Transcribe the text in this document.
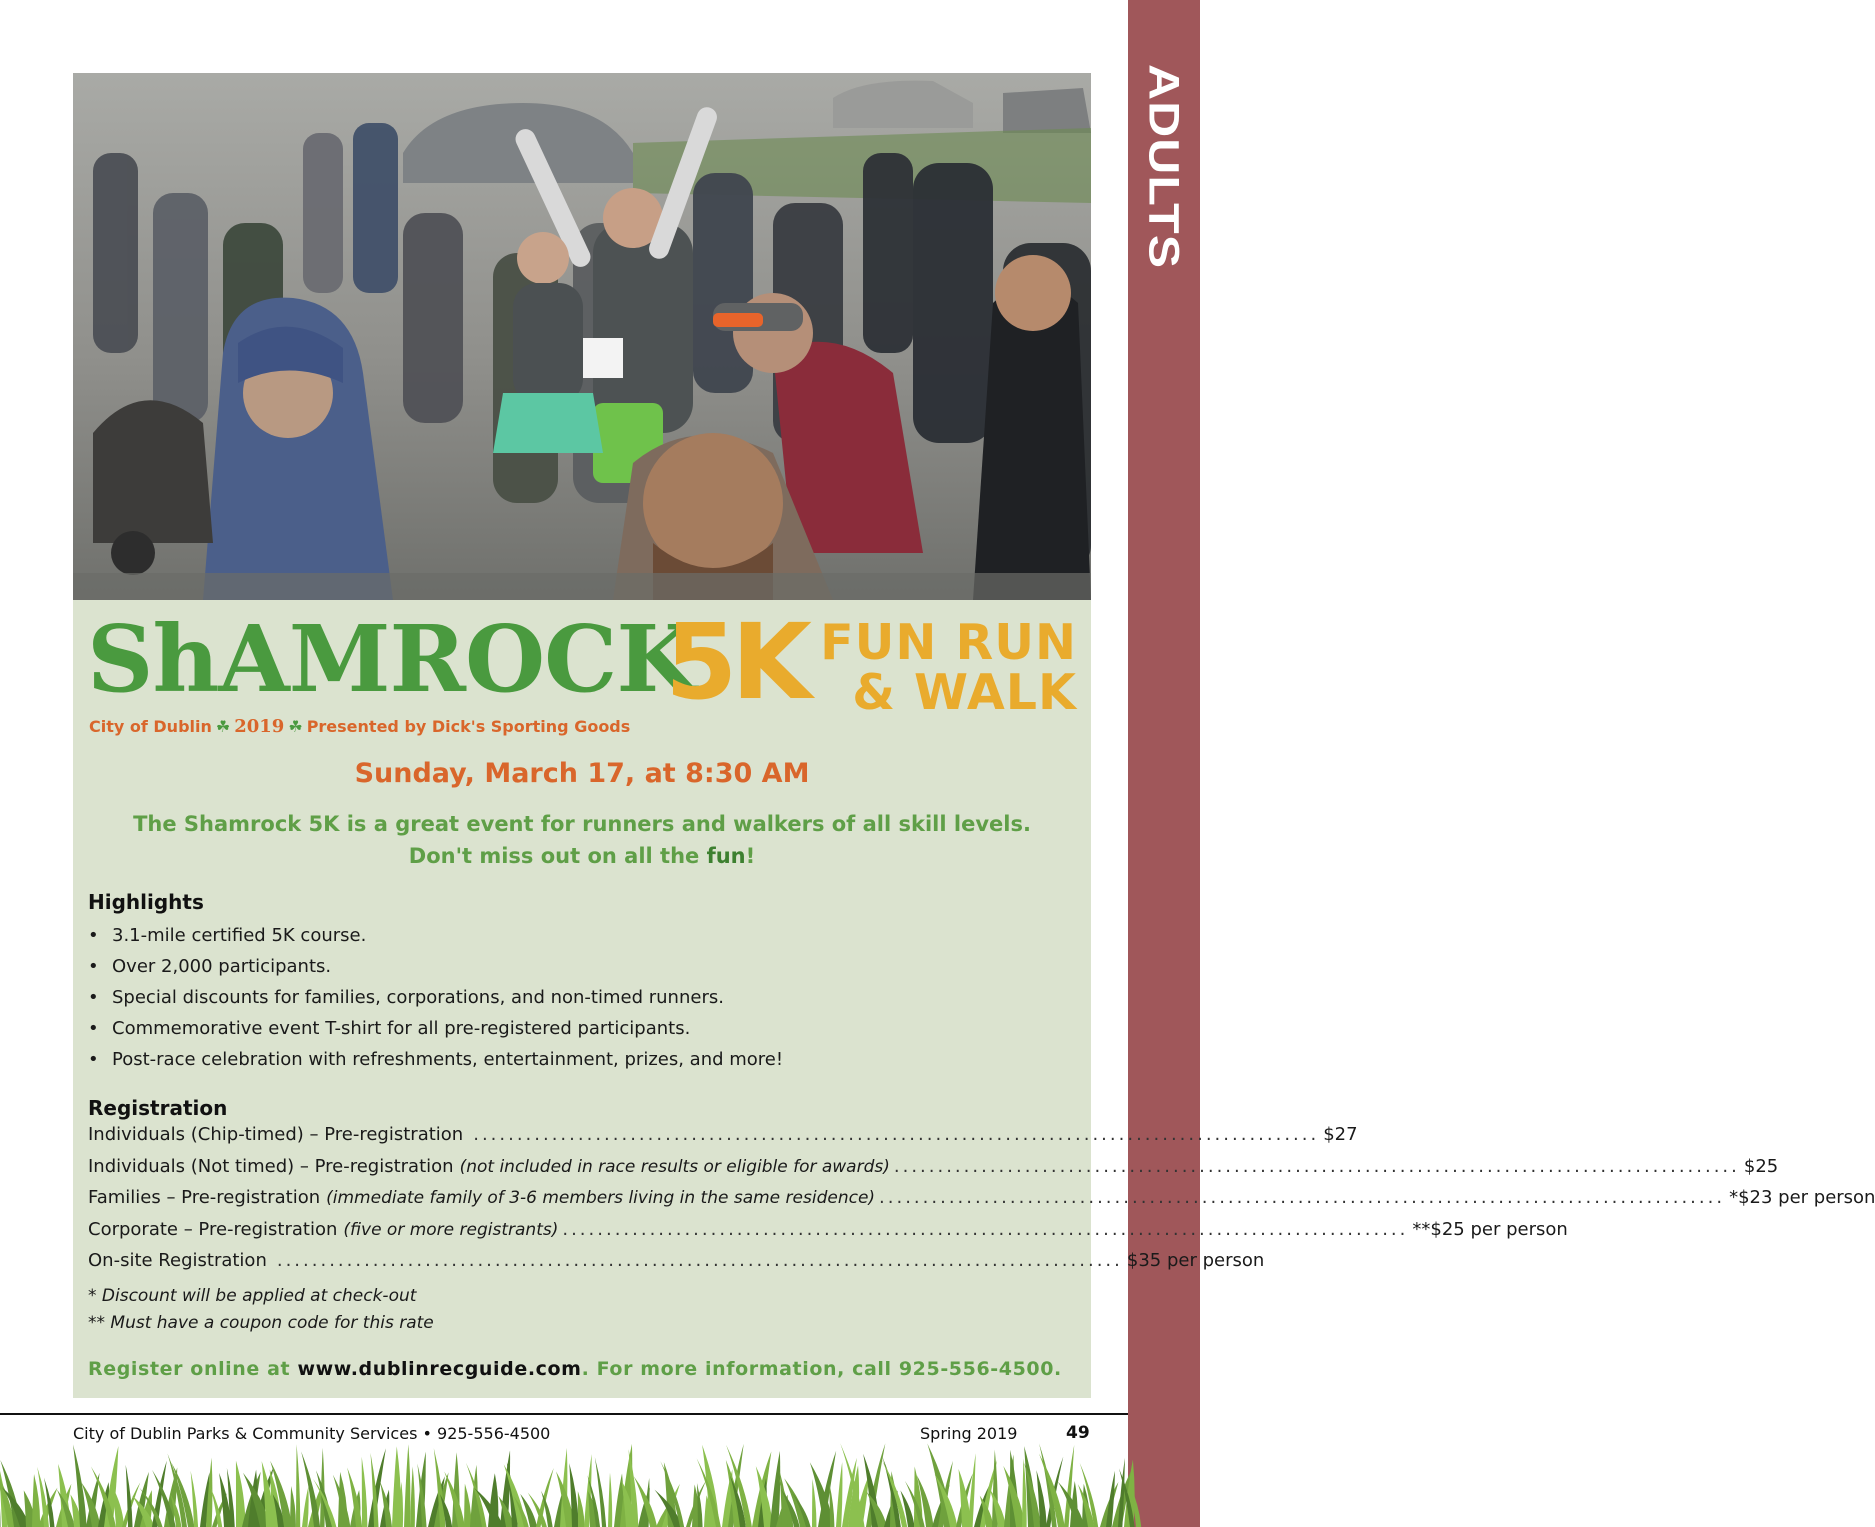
ADULTS
ShAMROCK
5K FUN RUN
& WALK
City of Dublin ☘ 2019 ☘ Presented by Dick's Sporting Goods
Sunday, March 17, at 8:30 AM
The Shamrock 5K is a great event for runners and walkers of all skill levels.
Don't miss out on all the fun!
Highlights
• 3.1-mile certified 5K course.
• Over 2,000 participants.
• Special discounts for families, corporations, and non-timed runners.
• Commemorative event T-shirt for all pre-registered participants.
• Post-race celebration with refreshments, entertainment, prizes, and more!
Registration
Individuals (Chip-timed) – Pre-registration ................................................................................................. $27
Individuals (Not timed) – Pre-registration (not included in race results or eligible for awards) ................................................................................................. $25
Families – Pre-registration (immediate family of 3-6 members living in the same residence) ................................................................................................. *$23 per person
Corporate – Pre-registration (five or more registrants) ................................................................................................. **$25 per person
On-site Registration ................................................................................................. $35 per person
* Discount will be applied at check-out
** Must have a coupon code for this rate
Register online at www.dublinrecguide.com. For more information, call 925-556-4500.
City of Dublin Parks & Community Services • 925-556-4500	Spring 2019	49
